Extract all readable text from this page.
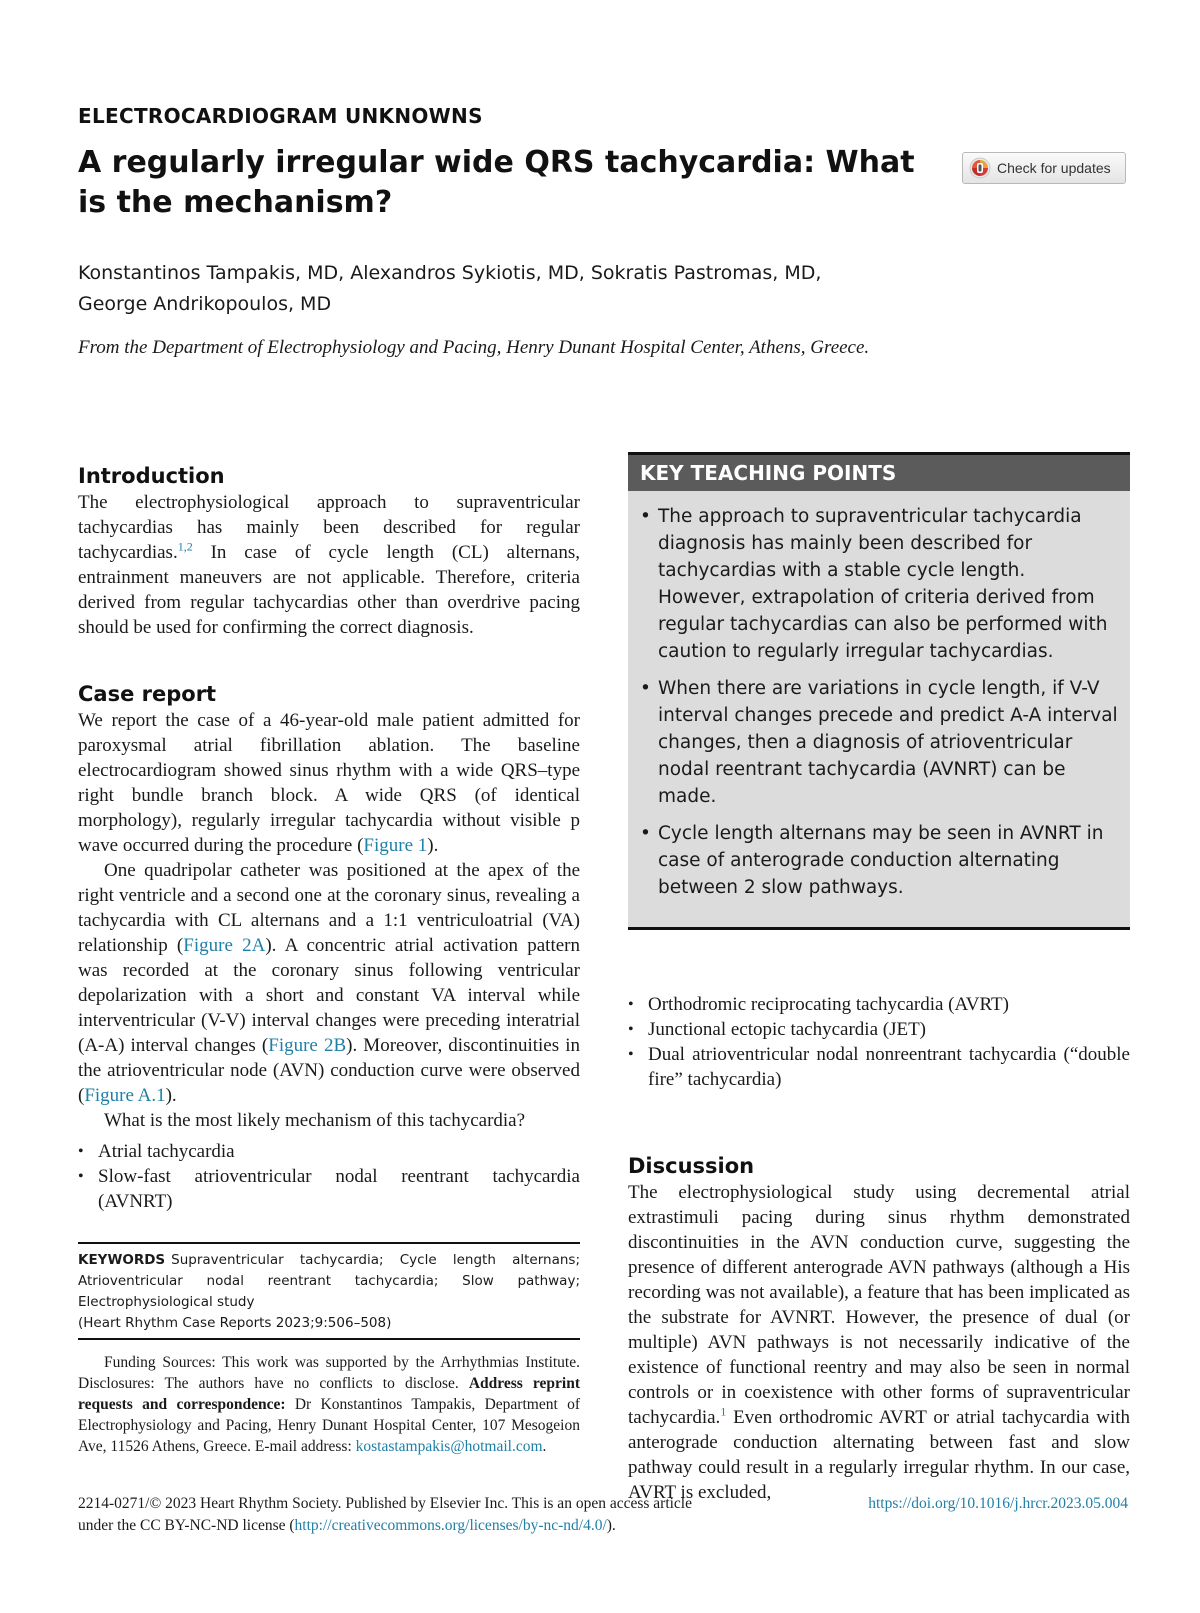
ELECTROCARDIOGRAM UNKNOWNS
A regularly irregular wide QRS tachycardia: What is the mechanism?
Check for updates
Konstantinos Tampakis, MD, Alexandros Sykiotis, MD, Sokratis Pastromas, MD,
George Andrikopoulos, MD
From the Department of Electrophysiology and Pacing, Henry Dunant Hospital Center, Athens, Greece.
Introduction

The electrophysiological approach to supraventricular tachycardias has mainly been described for regular tachycardias.$^{1,2}$ In case of cycle length (CL) alternans, entrainment maneuvers are not applicable. Therefore, criteria derived from regular tachycardias other than overdrive pacing should be used for confirming the correct diagnosis.

Case report

We report the case of a 46-year-old male patient admitted for paroxysmal atrial fibrillation ablation. The baseline electrocardiogram showed sinus rhythm with a wide QRS–type right bundle branch block. A wide QRS (of identical morphology), regularly irregular tachycardia without visible p wave occurred during the procedure (Figure 1).

One quadripolar catheter was positioned at the apex of the right ventricle and a second one at the coronary sinus, revealing a tachycardia with CL alternans and a 1:1 ventriculoatrial (VA) relationship (Figure 2A). A concentric atrial activation pattern was recorded at the coronary sinus following ventricular depolarization with a short and constant VA interval while interventricular (V-V) interval changes were preceding interatrial (A-A) interval changes (Figure 2B). Moreover, discontinuities in the atrioventricular node (AVN) conduction curve were observed (Figure A.1).

What is the most likely mechanism of this tachycardia?

• Atrial tachycardia
• Slow-fast atrioventricular nodal reentrant tachycardia (AVNRT)
KEYWORDS Supraventricular tachycardia; Cycle length alternans; Atrioventricular nodal reentrant tachycardia; Slow pathway; Electrophysiological study
(Heart Rhythm Case Reports 2023;9:506–508)

Funding Sources: This work was supported by the Arrhythmias Institute. Disclosures: The authors have no conflicts to disclose. Address reprint requests and correspondence: Dr Konstantinos Tampakis, Department of Electrophysiology and Pacing, Henry Dunant Hospital Center, 107 Mesogeion Ave, 11526 Athens, Greece. E-mail address: kostastampakis@hotmail.com.

KEY TEACHING POINTS
• The approach to supraventricular tachycardia diagnosis has mainly been described for tachycardias with a stable cycle length. However, extrapolation of criteria derived from regular tachycardias can also be performed with caution to regularly irregular tachycardias.
• When there are variations in cycle length, if V-V interval changes precede and predict A-A interval changes, then a diagnosis of atrioventricular nodal reentrant tachycardia (AVNRT) can be made.
• Cycle length alternans may be seen in AVNRT in case of anterograde conduction alternating between 2 slow pathways.
• Orthodromic reciprocating tachycardia (AVRT)
• Junctional ectopic tachycardia (JET)
• Dual atrioventricular nodal nonreentrant tachycardia (“double fire” tachycardia)
Discussion

The electrophysiological study using decremental atrial extrastimuli pacing during sinus rhythm demonstrated discontinuities in the AVN conduction curve, suggesting the presence of different anterograde AVN pathways (although a His recording was not available), a feature that has been implicated as the substrate for AVNRT. However, the presence of dual (or multiple) AVN pathways is not necessarily indicative of the existence of functional reentry and may also be seen in normal controls or in coexistence with other forms of supraventricular tachycardia.$^1$ Even orthodromic AVRT or atrial tachycardia with anterograde conduction alternating between fast and slow pathway could result in a regularly irregular rhythm. In our case, AVRT is excluded,

2214-0271/© 2023 Heart Rhythm Society. Published by Elsevier Inc. This is an open access article
under the CC BY-NC-ND license (http://creativecommons.org/licenses/by-nc-nd/4.0/).
https://doi.org/10.1016/j.hrcr.2023.05.004
